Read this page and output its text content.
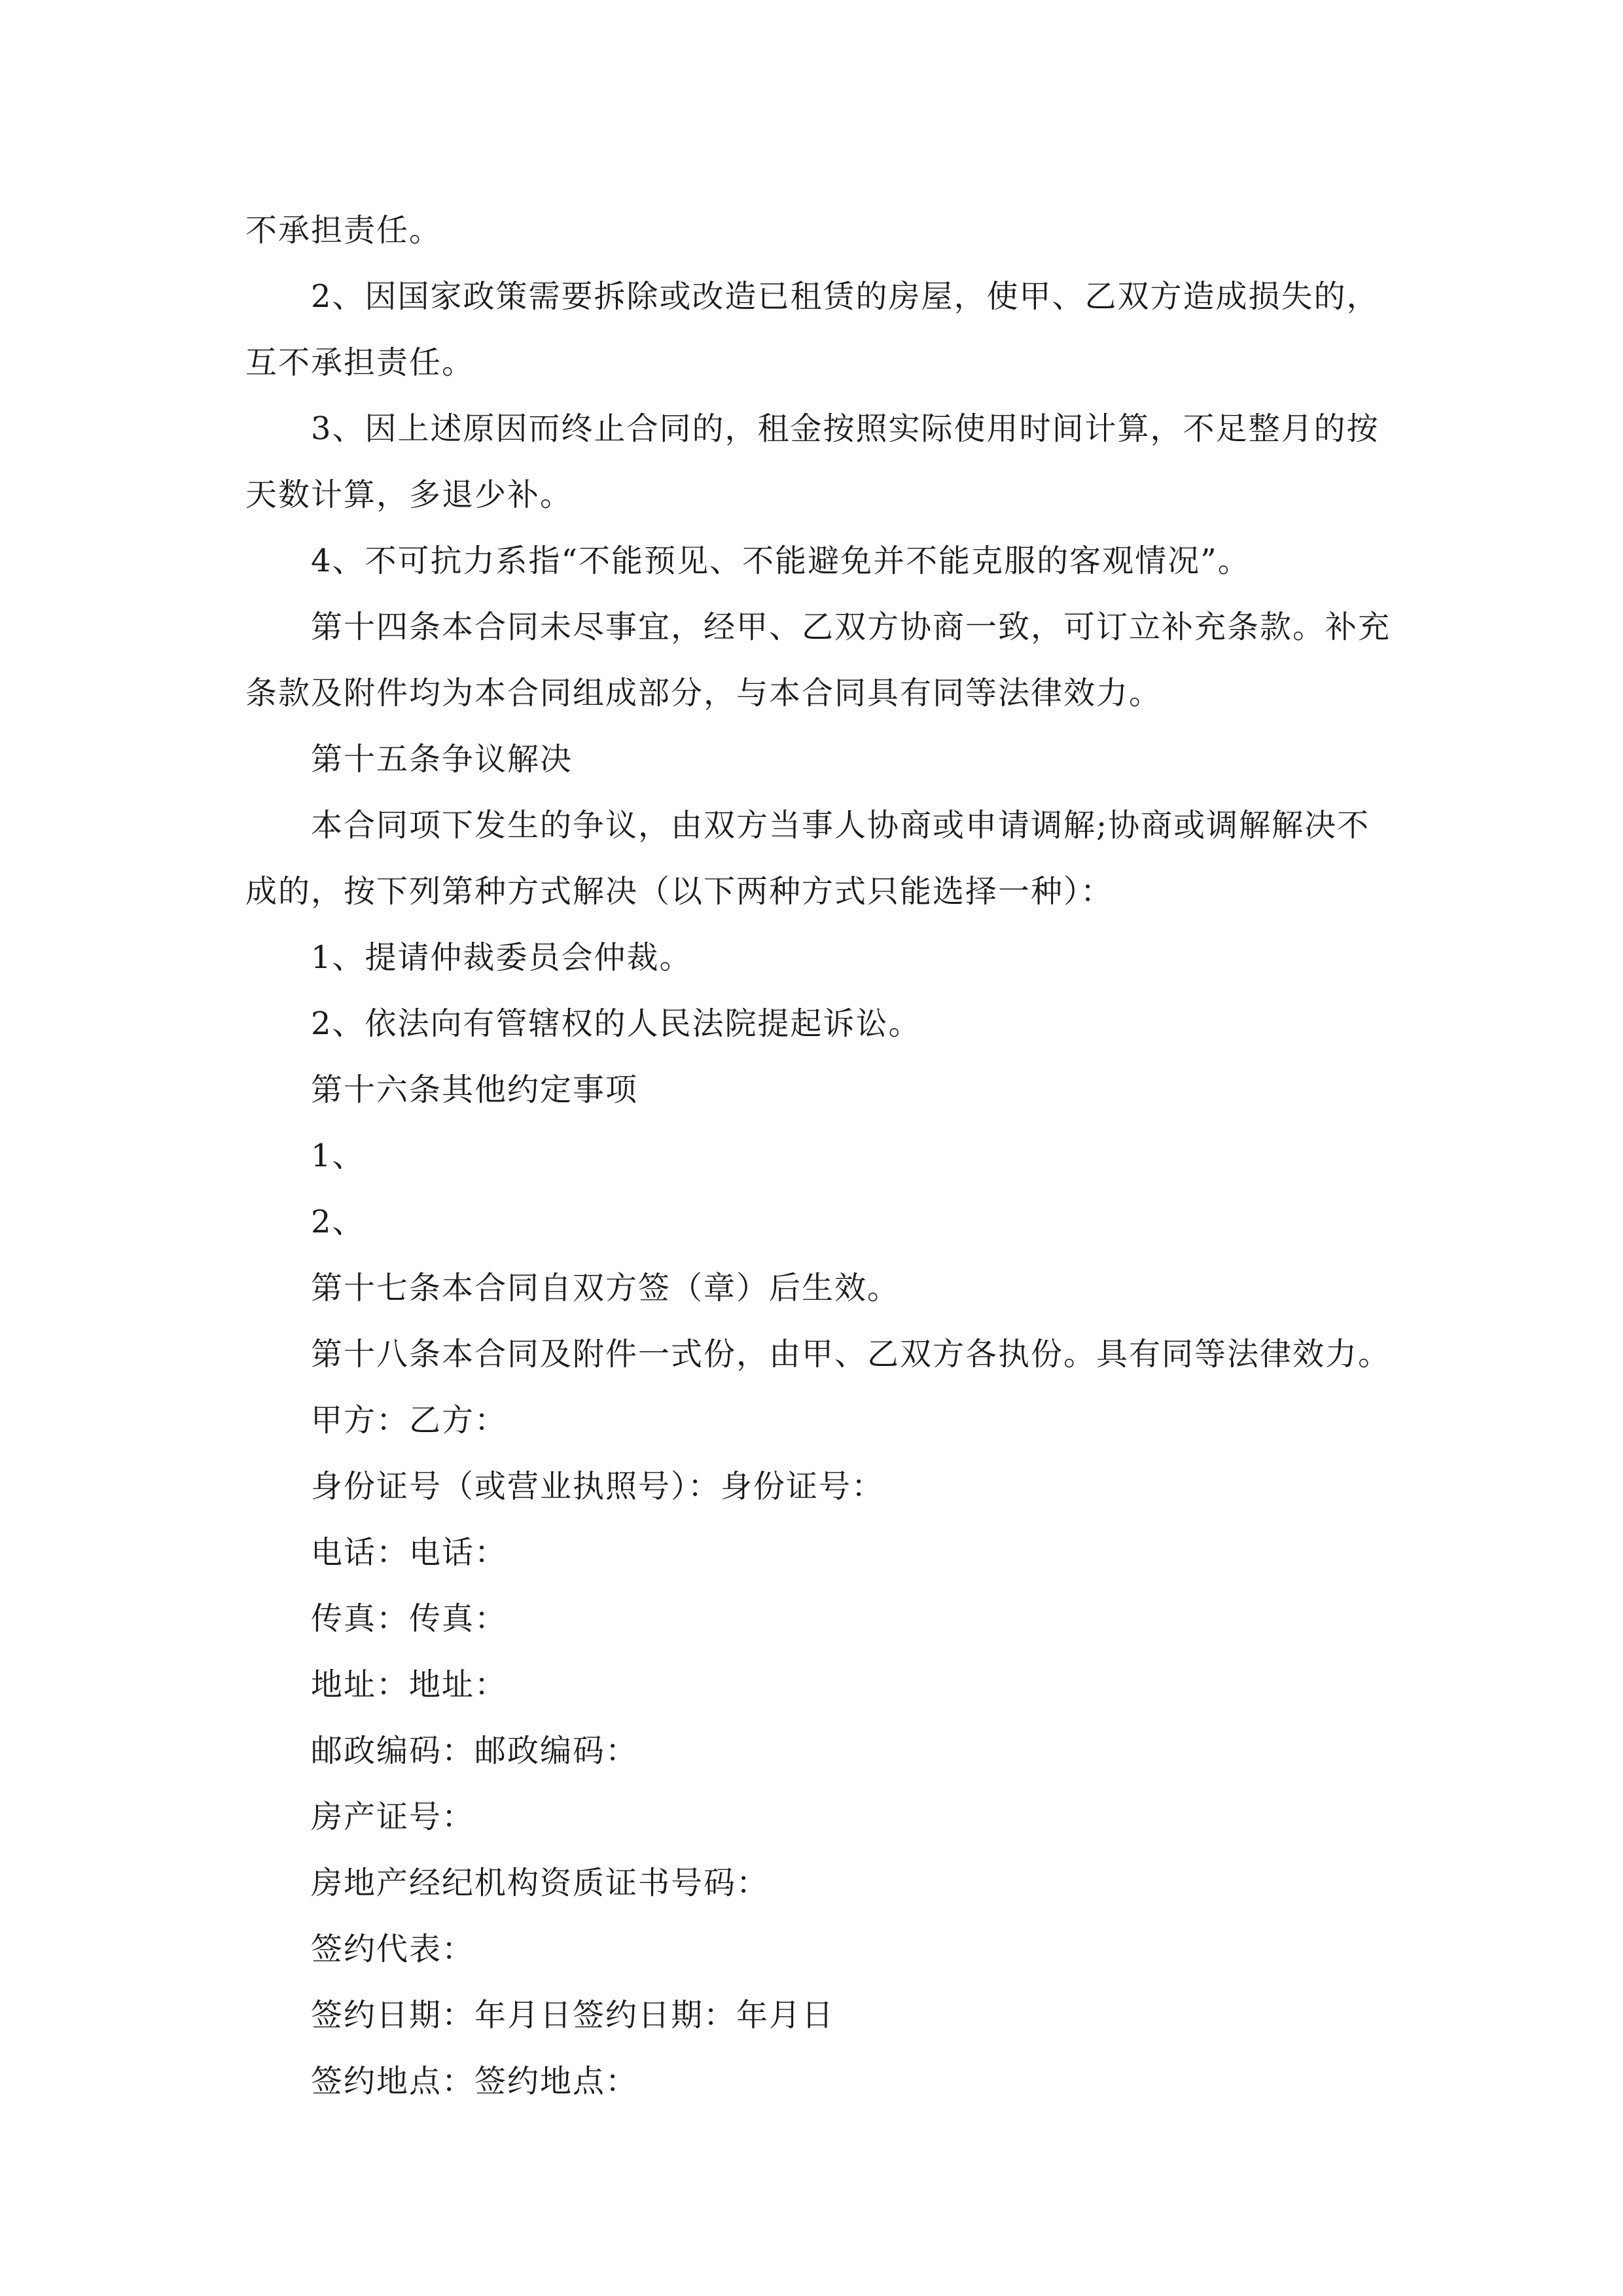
不承担责任。

2、因国家政策需要拆除或改造已租赁的房屋，使甲、乙双方造成损失的，互不承担责任。

3、因上述原因而终止合同的，租金按照实际使用时间计算，不足整月的按天数计算，多退少补。

4、不可抗力系指“不能预见、不能避免并不能克服的客观情况”。

第十四条本合同未尽事宜，经甲、乙双方协商一致，可订立补充条款。补充条款及附件均为本合同组成部分，与本合同具有同等法律效力。

第十五条争议解决

本合同项下发生的争议，由双方当事人协商或申请调解;协商或调解解决不成的，按下列第种方式解决（以下两种方式只能选择一种）：

1、提请仲裁委员会仲裁。

2、依法向有管辖权的人民法院提起诉讼。

第十六条其他约定事项

1、

2、

第十七条本合同自双方签（章）后生效。

第十八条本合同及附件一式份，由甲、乙双方各执份。具有同等法律效力。

甲方：乙方：

身份证号（或营业执照号）：身份证号：

电话：电话：

传真：传真：

地址：地址：

邮政编码：邮政编码：

房产证号：

房地产经纪机构资质证书号码：

签约代表：

签约日期：年月日签约日期：年月日

签约地点：签约地点：
